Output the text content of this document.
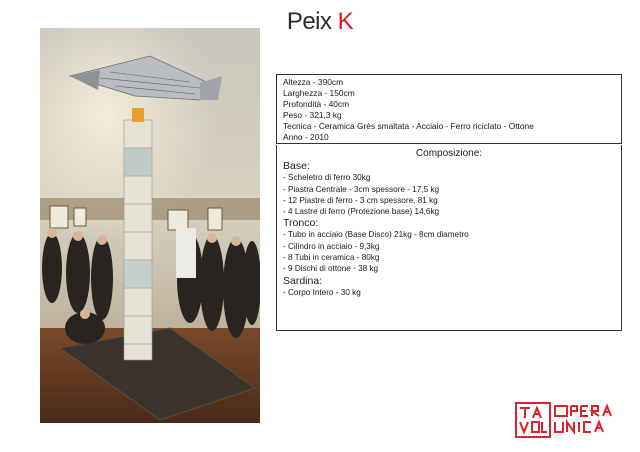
Peix K
Altezza - 390cm
Larghezza - 150cm
Profondità - 40cm
Peso - 321,3 kg
Tecnica - Ceramica Grès smaltata - Acciaio - Ferro riciclato - Ottone
Anno - 2010
Composizione:
Base:
- Scheletro di ferro 30kg
- Piastra Centrale - 3cm spessore - 17,5 kg
- 12 Piastre di ferro - 3 cm spessore, 81 kg
- 4 Lastre di ferro (Protezione base) 14,6kg
Tronco:
- Tubo in acciaio (Base Disco) 21kg - 8cm diametro
- Cilindro in acciaio - 9,3kg
- 8 Tubi in ceramica - 80kg
- 9 Dischi di ottone - 38 kg
Sardina:
- Corpo Intero - 30 kg
